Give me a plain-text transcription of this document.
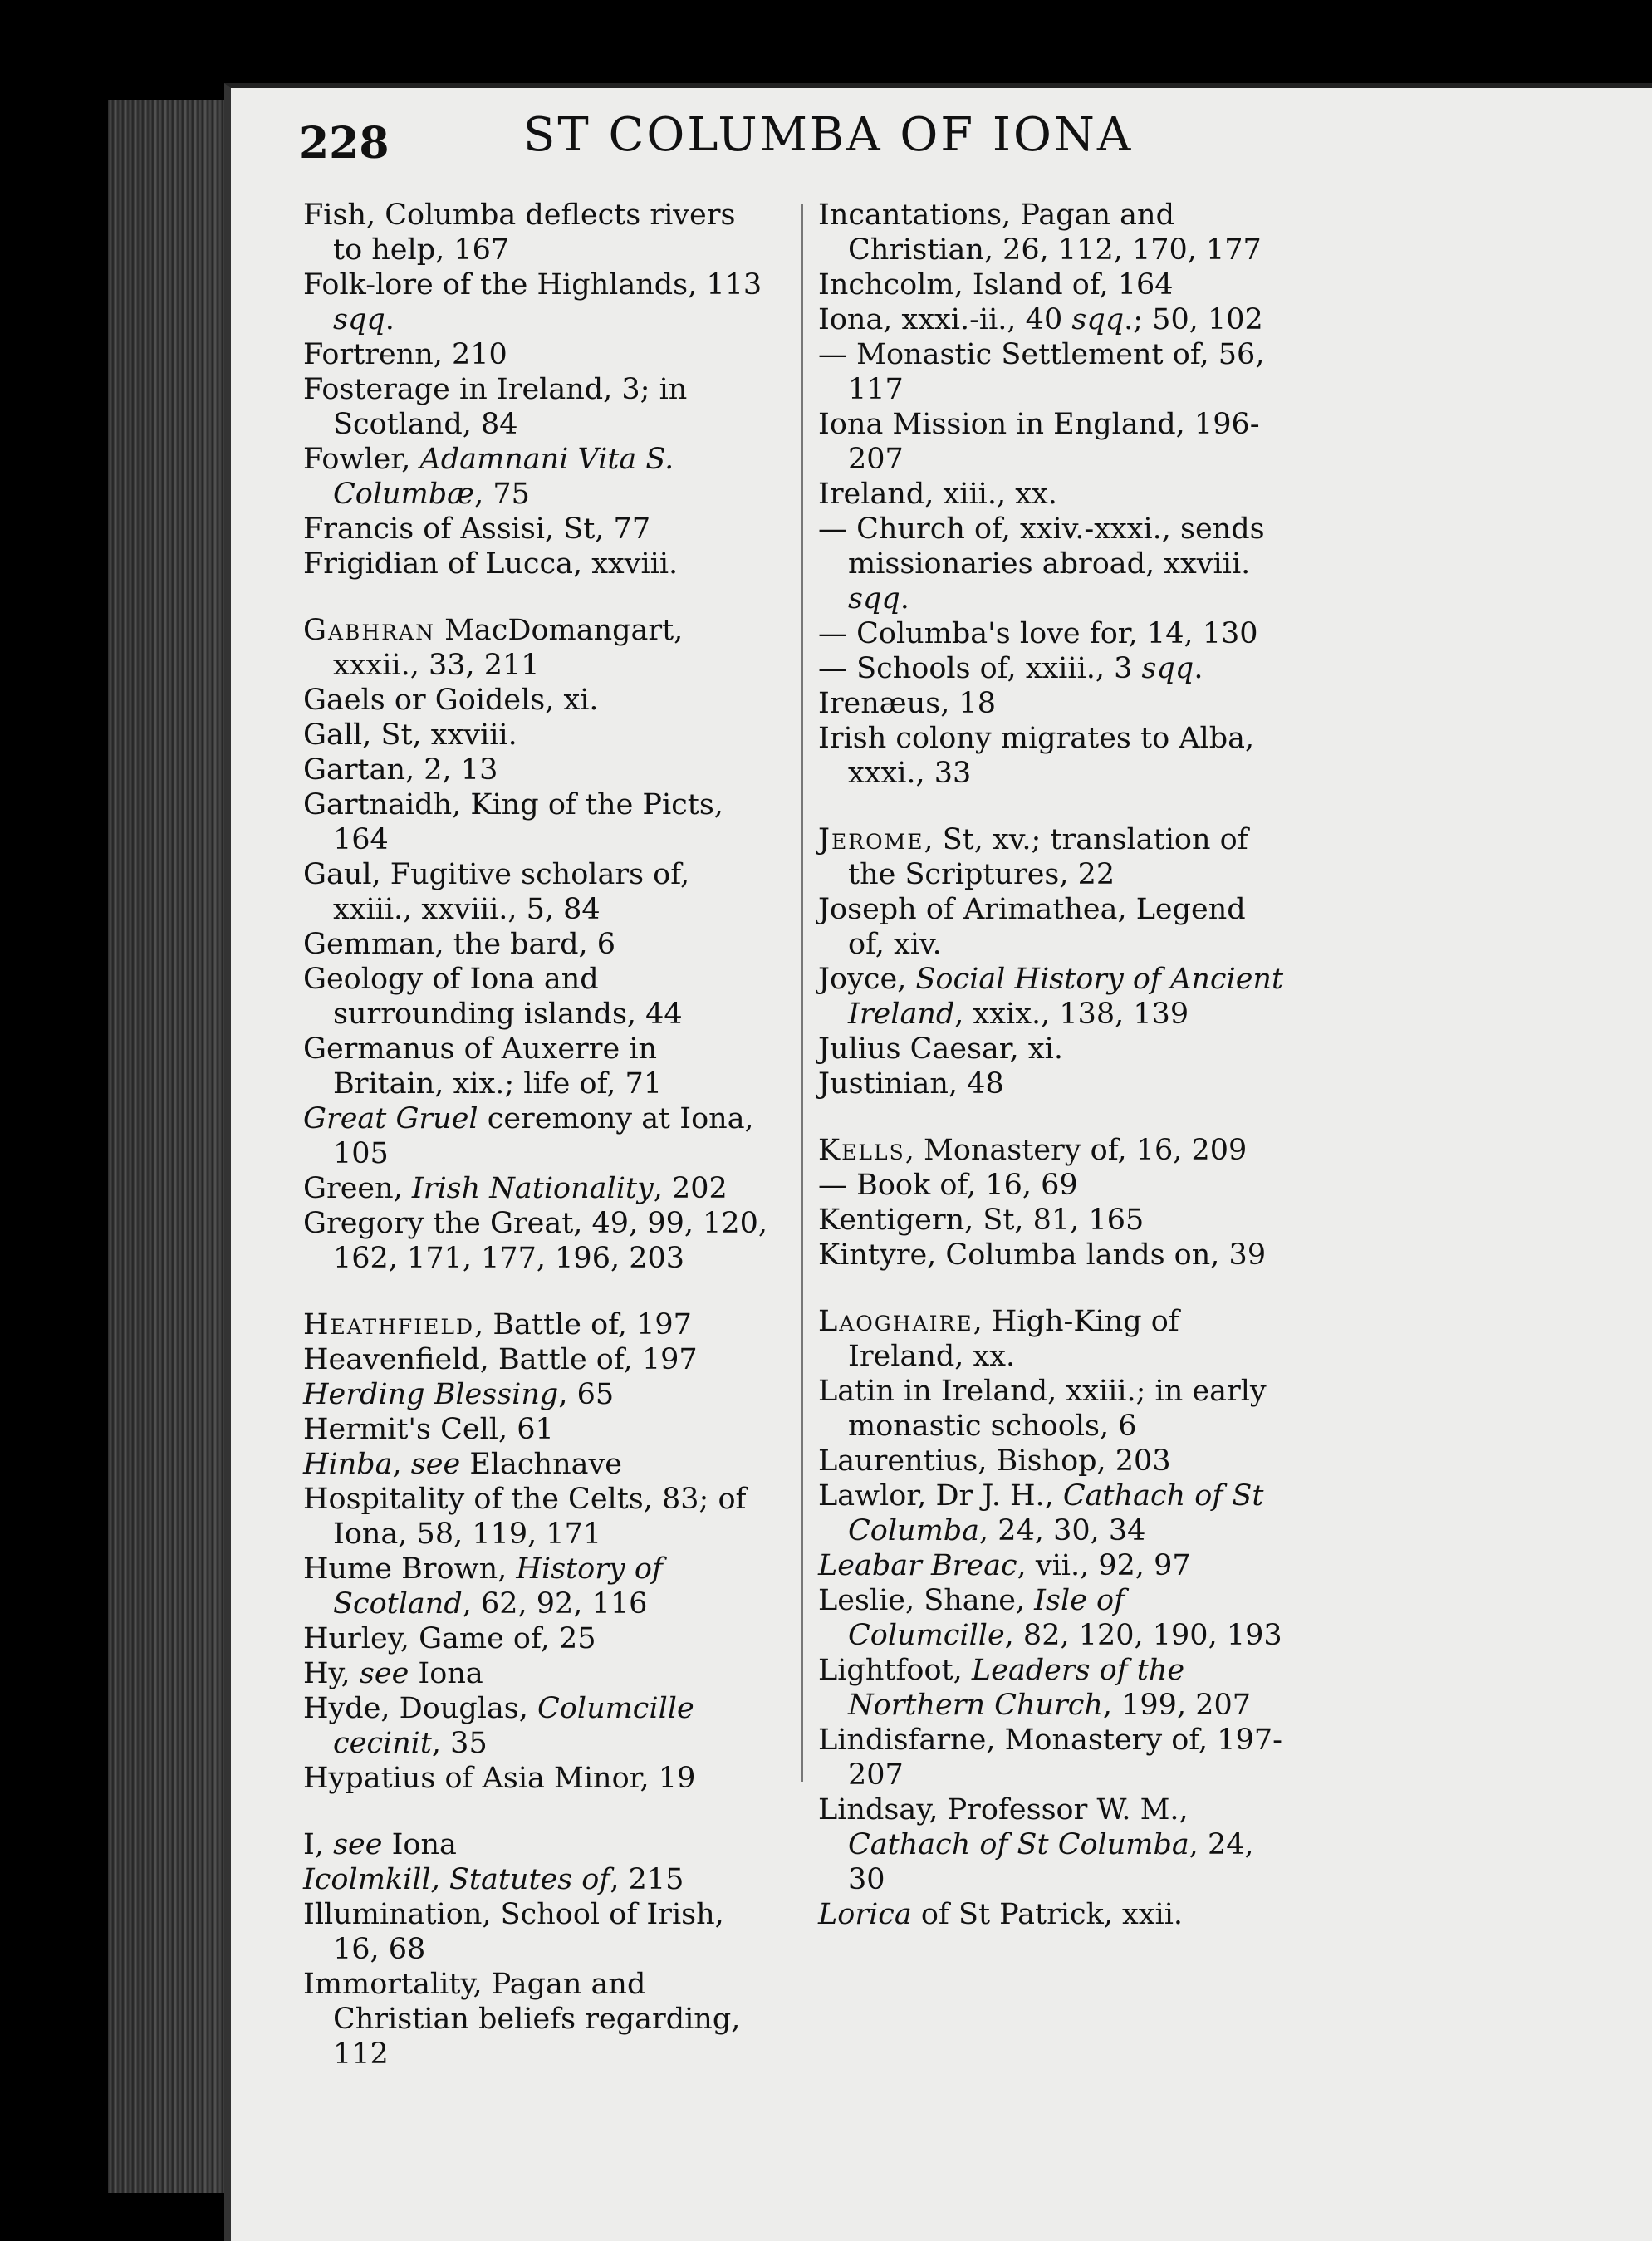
228	ST COLUMBA OF IONA

Fish, Columba deflects rivers to help, 167

Folk-lore of the Highlands, 113 sqq.

Fortrenn, 210

Fosterage in Ireland, 3; in Scotland, 84

Fowler, Adamnani Vita S. Columbæ, 75

Francis of Assisi, St, 77

Frigidian of Lucca, xxviii.

Gabhran MacDomangart, xxxii., 33, 211

Gaels or Goidels, xi.

Gall, St, xxviii.

Gartan, 2, 13

Gartnaidh, King of the Picts, 164

Gaul, Fugitive scholars of, xxiii., xxviii., 5, 84

Gemman, the bard, 6

Geology of Iona and surrounding islands, 44

Germanus of Auxerre in Britain, xix.; life of, 71

Great Gruel ceremony at Iona, 105

Green, Irish Nationality, 202

Gregory the Great, 49, 99, 120, 162, 171, 177, 196, 203

Heathfield, Battle of, 197

Heavenfield, Battle of, 197

Herding Blessing, 65

Hermit's Cell, 61

Hinba, see Elachnave

Hospitality of the Celts, 83; of Iona, 58, 119, 171

Hume Brown, History of Scotland, 62, 92, 116

Hurley, Game of, 25

Hy, see Iona

Hyde, Douglas, Columcille cecinit, 35

Hypatius of Asia Minor, 19

I, see Iona

Icolmkill, Statutes of, 215

Illumination, School of Irish, 16, 68

Immortality, Pagan and Christian beliefs regarding, 112

Incantations, Pagan and Christian, 26, 112, 170, 177

Inchcolm, Island of, 164

Iona, xxxi.-ii., 40 sqq.; 50, 102

— Monastic Settlement of, 56, 117

Iona Mission in England, 196-207

Ireland, xiii., xx.

— Church of, xxiv.-xxxi., sends missionaries abroad, xxviii. sqq.

— Columba's love for, 14, 130

— Schools of, xxiii., 3 sqq.

Irenæus, 18

Irish colony migrates to Alba, xxxi., 33

Jerome, St, xv.; translation of the Scriptures, 22

Joseph of Arimathea, Legend of, xiv.

Joyce, Social History of Ancient Ireland, xxix., 138, 139

Julius Caesar, xi.

Justinian, 48

Kells, Monastery of, 16, 209

— Book of, 16, 69

Kentigern, St, 81, 165

Kintyre, Columba lands on, 39

Laoghaire, High-King of Ireland, xx.

Latin in Ireland, xxiii.; in early monastic schools, 6

Laurentius, Bishop, 203

Lawlor, Dr J. H., Cathach of St Columba, 24, 30, 34

Leabar Breac, vii., 92, 97

Leslie, Shane, Isle of Columcille, 82, 120, 190, 193

Lightfoot, Leaders of the Northern Church, 199, 207

Lindisfarne, Monastery of, 197-207

Lindsay, Professor W. M., Cathach of St Columba, 24, 30

Lorica of St Patrick, xxii.
